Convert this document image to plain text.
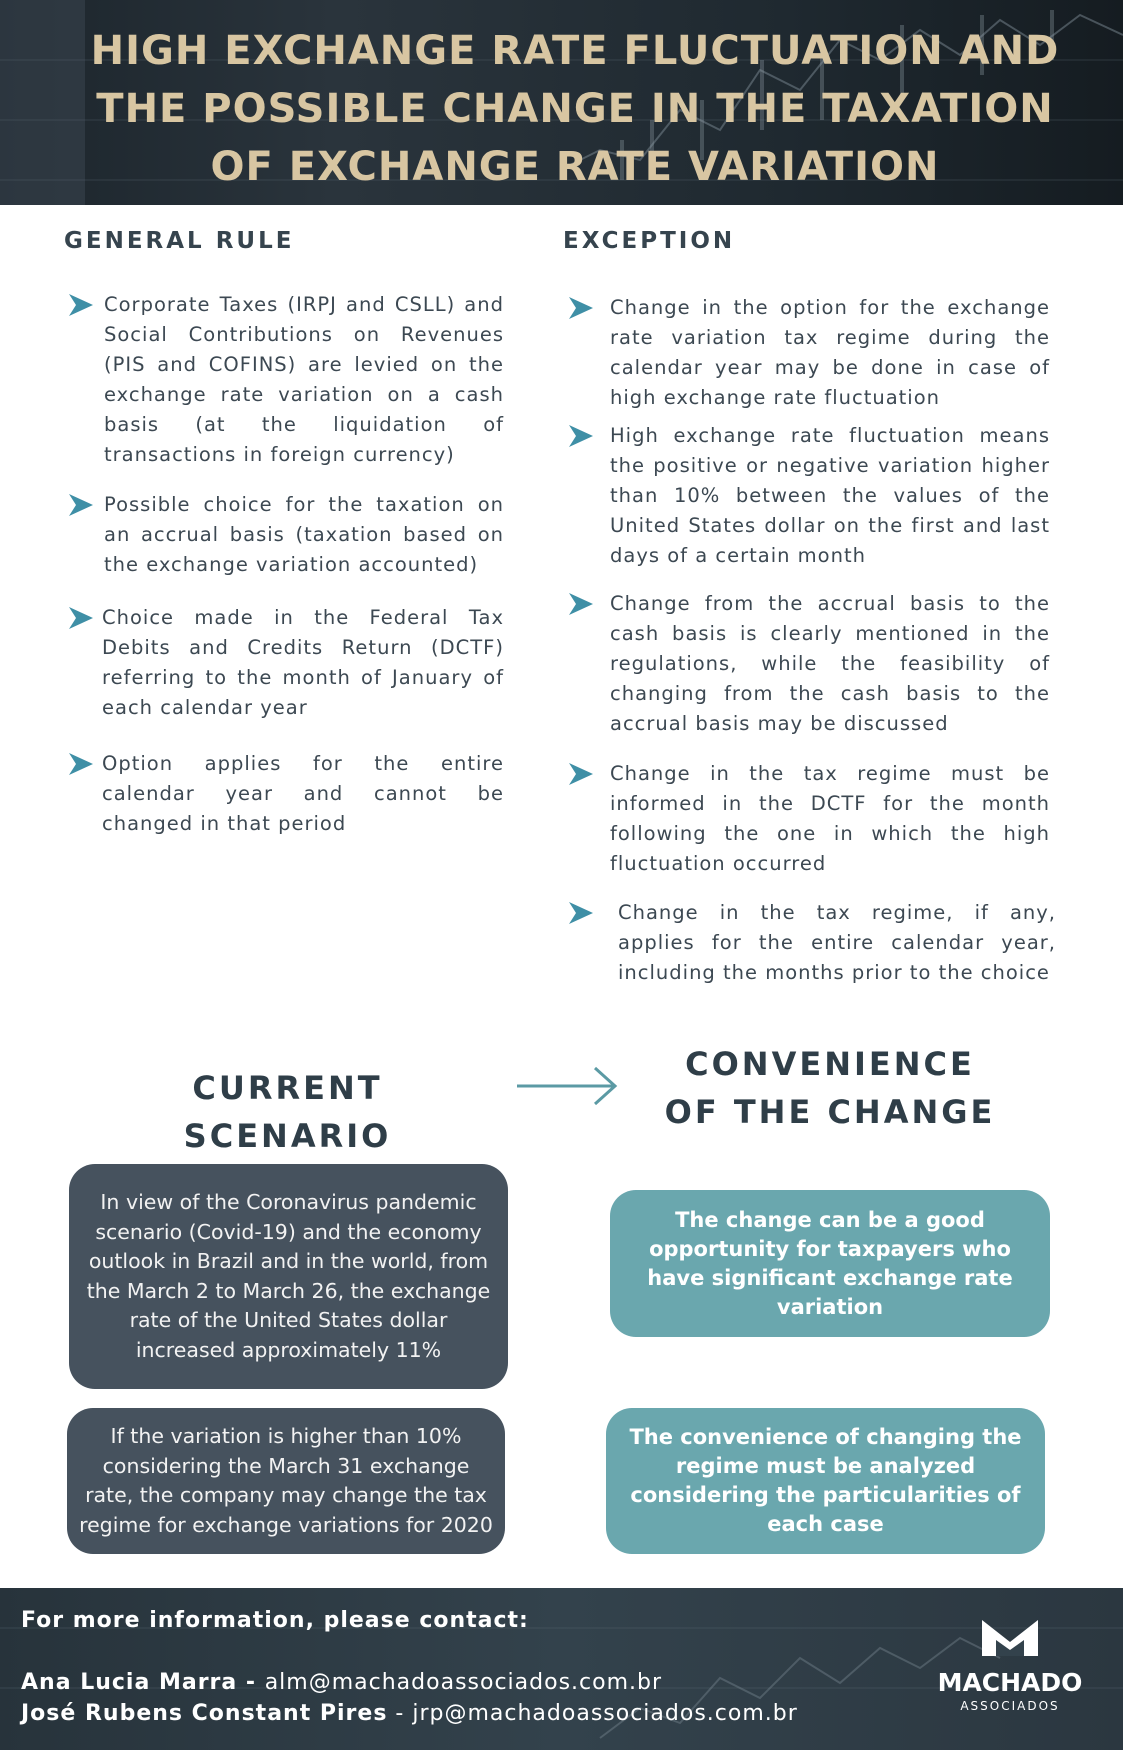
HIGH EXCHANGE RATE FLUCTUATION AND
THE POSSIBLE CHANGE IN THE TAXATION
OF EXCHANGE RATE VARIATION
GENERAL RULE
Corporate Taxes (IRPJ and CSLL) and Social Contributions on Revenues (PIS and COFINS) are levied on the exchange rate variation on a cash basis (at the liquidation of transactions in foreign currency)
Possible choice for the taxation on an accrual basis (taxation based on the exchange variation accounted)
Choice made in the Federal Tax Debits and Credits Return (DCTF) referring to the month of January of each calendar year
Option applies for the entire calendar year and cannot be changed in that period
EXCEPTION
Change in the option for the exchange rate variation tax regime during the calendar year may be done in case of high exchange rate fluctuation
High exchange rate fluctuation means the positive or negative variation higher than 10% between the values of the United States dollar on the first and last days of a certain month
Change from the accrual basis to the cash basis is clearly mentioned in the regulations, while the feasibility of changing from the cash basis to the accrual basis may be discussed
Change in the tax regime must be informed in the DCTF for the month following the one in which the high fluctuation occurred
Change in the tax regime, if any, applies for the entire calendar year, including the months prior to the choice
CURRENT SCENARIO
CONVENIENCE
OF THE CHANGE
In view of the Coronavirus pandemic scenario (Covid-19) and the economy outlook in Brazil and in the world, from the March 2 to March 26, the exchange rate of the United States dollar increased approximately 11%
If the variation is higher than 10% considering the March 31 exchange rate, the company may change the tax regime for exchange variations for 2020
The change can be a good opportunity for taxpayers who have significant exchange rate variation
The convenience of changing the regime must be analyzed considering the particularities of each case
For more information, please contact:
Ana Lucia Marra - alm@machadoassociados.com.br
José Rubens Constant Pires - jrp@machadoassociados.com.br
MACHADO
ASSOCIADOS
